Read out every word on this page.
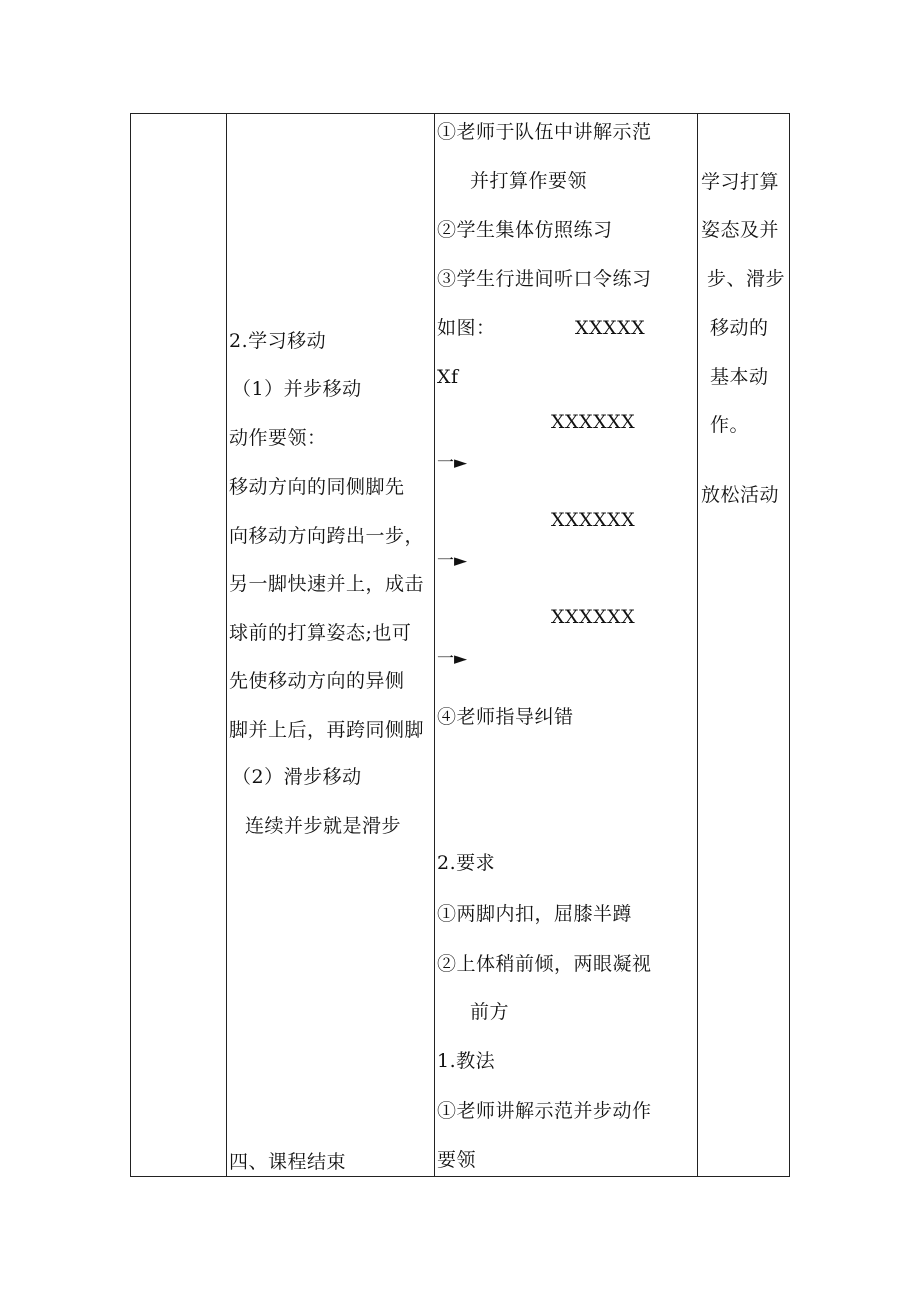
2.学习移动
（1）并步移动
动作要领：
移动方向的同侧脚先
向移动方向跨出一步，
另一脚快速并上，成击
球前的打算姿态;也可
先使移动方向的异侧
脚并上后，再跨同侧脚
（2）滑步移动
连续并步就是滑步
四、课程结束
①老师于队伍中讲解示范
并打算作要领
②学生集体仿照练习
③学生行进间听口令练习
如图：	XXXXX
Xf
XXXXXX
一►
XXXXXX
一►
XXXXXX
一►
④老师指导纠错
2.要求
①两脚内扣，屈膝半蹲
②上体稍前倾，两眼凝视
前方
1.教法
①老师讲解示范并步动作
要领
学习打算
姿态及并
步、滑步
移动的
基本动
作。
放松活动
